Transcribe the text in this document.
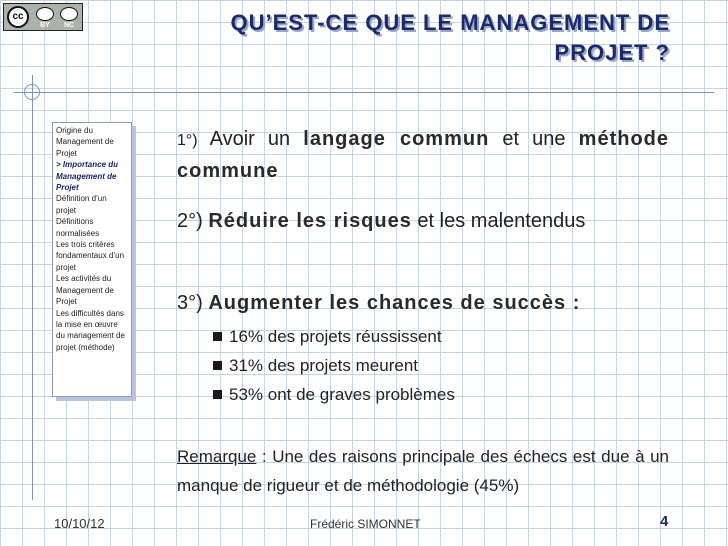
cc
BY	NC	QU’EST-CE QUE LE MANAGEMENT DE
PROJET ?
Origine du Management de Projet
> Importance du Management de Projet
Définition d’un projet
Définitions normalisées
Les trois critères fondamentaux d’un projet
Les activités du Management de Projet
Les difficultés dans la mise en œuvre du management de projet (méthode)
1°) Avoir un langage commun et une méthode commune
2°) Réduire les risques et les malentendus
3°) Augmenter les chances de succès :
16% des projets réussissent
31% des projets meurent
53% ont de graves problèmes
Remarque : Une des raisons principale des échecs est due à un manque de rigueur et de méthodologie (45%)
10/10/12	Frédéric SIMONNET	4
